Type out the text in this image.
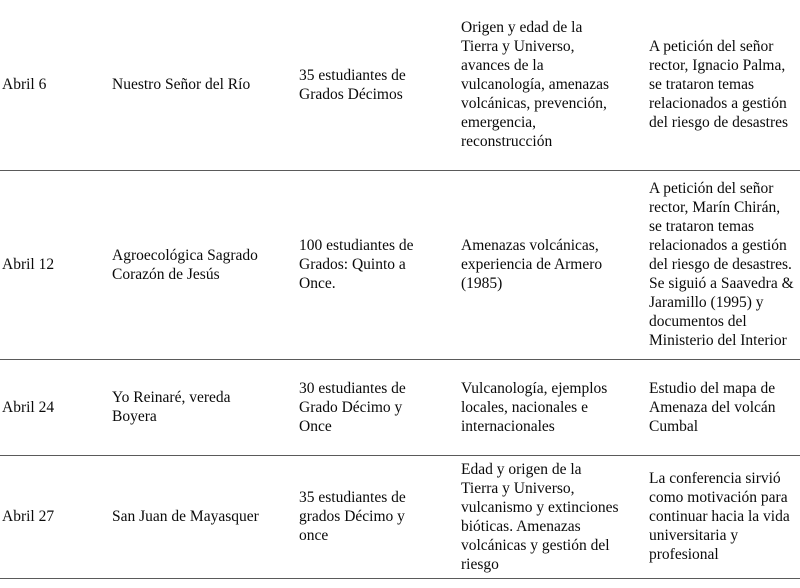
Abril 6	Nuestro Señor del Río	35 estudiantes de Grados Décimos	Origen y edad de la Tierra y Universo, avances de la vulcanología, amenazas volcánicas, prevención, emergencia, reconstrucción	A petición del señor rector, Ignacio Palma, se trataron temas relacionados a gestión del riesgo de desastres
Abril 12	Agroecológica Sagrado Corazón de Jesús	100 estudiantes de Grados: Quinto a Once.	Amenazas volcánicas, experiencia de Armero (1985)	A petición del señor rector, Marín Chirán, se trataron temas relacionados a gestión del riesgo de desastres. Se siguió a Saavedra & Jaramillo (1995) y documentos del Ministerio del Interior
Abril 24	Yo Reinaré, vereda Boyera	30 estudiantes de Grado Décimo y Once	Vulcanología, ejemplos locales, nacionales e internacionales	Estudio del mapa de Amenaza del volcán Cumbal
Abril 27	San Juan de Mayasquer	35 estudiantes de grados Décimo y once	Edad y origen de la Tierra y Universo, vulcanismo y extinciones bióticas. Amenazas volcánicas y gestión del riesgo	La conferencia sirvió como motivación para continuar hacia la vida universitaria y profesional
